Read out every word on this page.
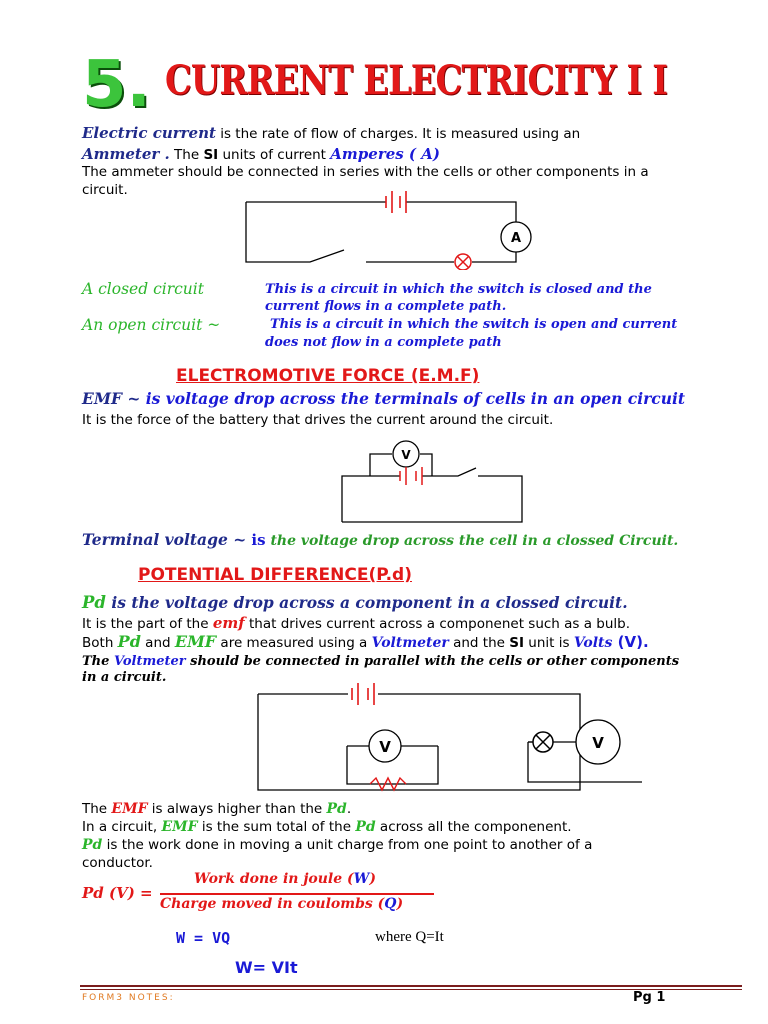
5. CURRENT ELECTRICITY I I
Electric current is the rate of flow of charges. It is measured using an
Ammeter . The SI units of current Amperes ( A)
The ammeter should be connected in series with the cells or other components in a
circuit.
A
A closed circuit	This is a circuit in which the switch is closed and the
current flows in a complete path.
An open circuit ~	This is a circuit in which the switch is open and current
does not flow in a complete path
ELECTROMOTIVE FORCE (E.M.F)
EMF ~ is voltage drop across the terminals of cells in an open circuit
It is the force of the battery that drives the current around the circuit.
V
Terminal voltage ~ is the voltage drop across the cell in a clossed Circuit.
POTENTIAL DIFFERENCE(P.d)
Pd is the voltage drop across a component in a clossed circuit.
It is the part of the emf that drives current across a componenet such as a bulb.
Both Pd and EMF are measured using a Voltmeter and the SI unit is Volts (V).
The Voltmeter should be connected in parallel with the cells or other components
in a circuit.
V	V
The EMF is always higher than the Pd.
In a circuit, EMF is the sum total of the Pd across all the componenent.
Pd is the work done in moving a unit charge from one point to another of a
conductor.
Pd (V) =
Work done in joule (W)
Charge moved in coulombs (Q)
W = VQ	where Q=It
W= VIt
FORM3 NOTES:	Pg 1
